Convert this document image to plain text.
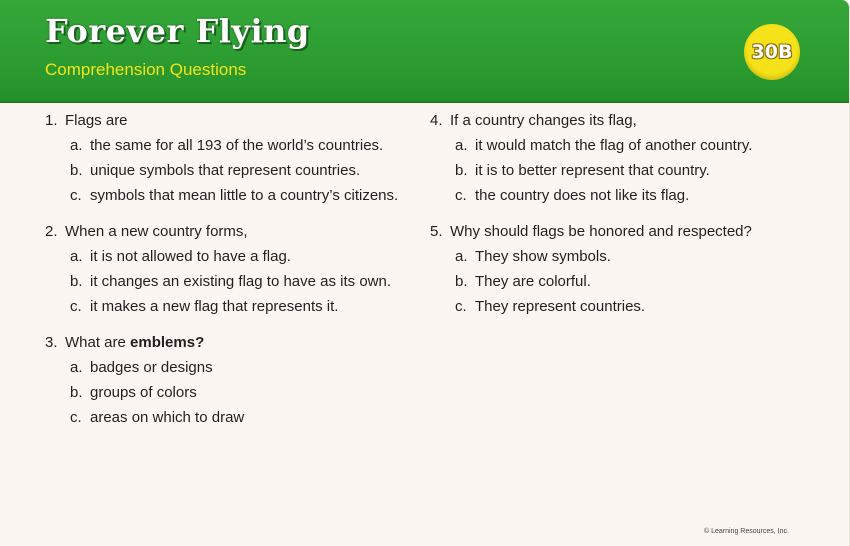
Forever Flying
Comprehension Questions
30B
1. Flags are
a. the same for all 193 of the world’s countries.
b. unique symbols that represent countries.
c. symbols that mean little to a country’s citizens.
2. When a new country forms,
a. it is not allowed to have a flag.
b. it changes an existing flag to have as its own.
c. it makes a new flag that represents it.
3. What are emblems?
a. badges or designs
b. groups of colors
c. areas on which to draw
4. If a country changes its flag,
a. it would match the flag of another country.
b. it is to better represent that country.
c. the country does not like its flag.
5. Why should flags be honored and respected?
a. They show symbols.
b. They are colorful.
c. They represent countries.
© Learning Resources, Inc.
